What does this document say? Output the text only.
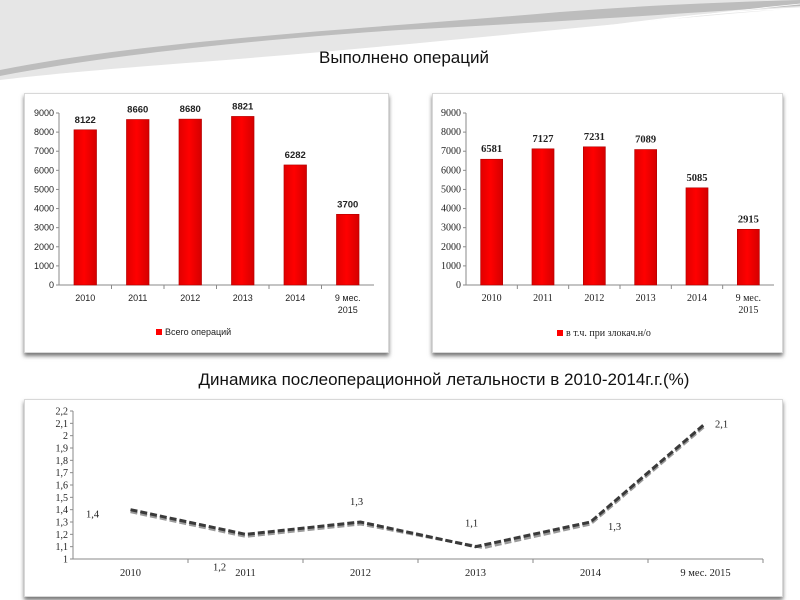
Выполнено операций
Динамика послеоперационной летальности в 2010-2014г.г.(%)
0
1000
2000
3000
4000
5000
6000
7000
8000
9000
8122
2010
8660
2011
8680
2012
8821
2013
6282
2014
3700
9 мес. 2015
Всего операций
0
1000
2000
3000
4000
5000
6000
7000
8000
9000
6581
2010
7127
2011
7231
2012
7089
2013
5085
2014
2915
9 мес. 2015
в т.ч. при злокач.н/о
1
1,1
1,2
1,3
1,4
1,5
1,6
1,7
1,8
1,9
2
2,1
2,2
2010	2011	2012	2013	2014	9 мес. 2015
1,4
1,2
1,3
1,1	1,3
2,1
